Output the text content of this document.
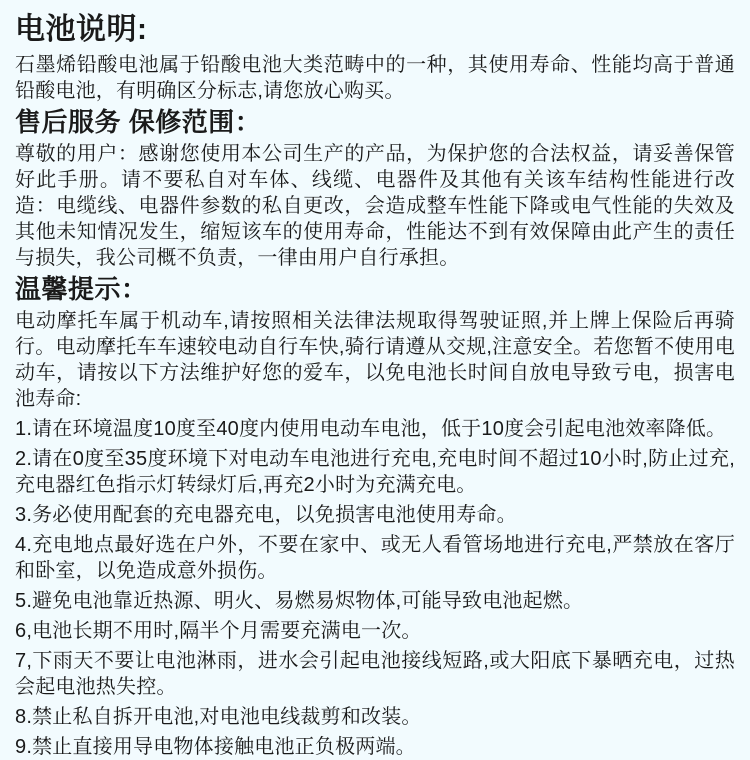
电池说明:

石墨烯铅酸电池属于铅酸电池大类范畴中的一种，其使用寿命、性能均高于普通铅酸电池，有明确区分标志,请您放心购买。

售后服务 保修范围：

尊敬的用户：感谢您使用本公司生产的产品，为保护您的合法权益，请妥善保管好此手册。请不要私自对车体、线缆、电器件及其他有关该车结构性能进行改造：电缆线、电器件参数的私自更改，会造成整车性能下降或电气性能的失效及其他未知情况发生，缩短该车的使用寿命，性能达不到有效保障由此产生的责任与损失，我公司概不负责，一律由用户自行承担。

温馨提示：

电动摩托车属于机动车,请按照相关法律法规取得驾驶证照,并上牌上保险后再骑行。电动摩托车车速较电动自行车快,骑行请遵从交规,注意安全。若您暂不使用电动车，请按以下方法维护好您的爱车，以免电池长时间自放电导致亏电，损害电池寿命:

1.请在环境温度10度至40度内使用电动车电池，低于10度会引起电池效率降低。

2.请在0度至35度环境下对电动车电池进行充电,充电时间不超过10小时,防止过充,充电器红色指示灯转绿灯后,再充2小时为充满充电。

3.务必使用配套的充电器充电，以免损害电池使用寿命。

4.充电地点最好选在户外，不要在家中、或无人看管场地进行充电,严禁放在客厅和卧室，以免造成意外损伤。

5.避免电池靠近热源、明火、易燃易烬物体,可能导致电池起燃。

6,电池长期不用时,隔半个月需要充满电一次。

7,下雨天不要让电池淋雨，进水会引起电池接线短路,或大阳底下暴晒充电，过热会起电池热失控。

8.禁止私自拆开电池,对电池电线裁剪和改装。

9.禁止直接用导电物体接触电池正负极两端。
